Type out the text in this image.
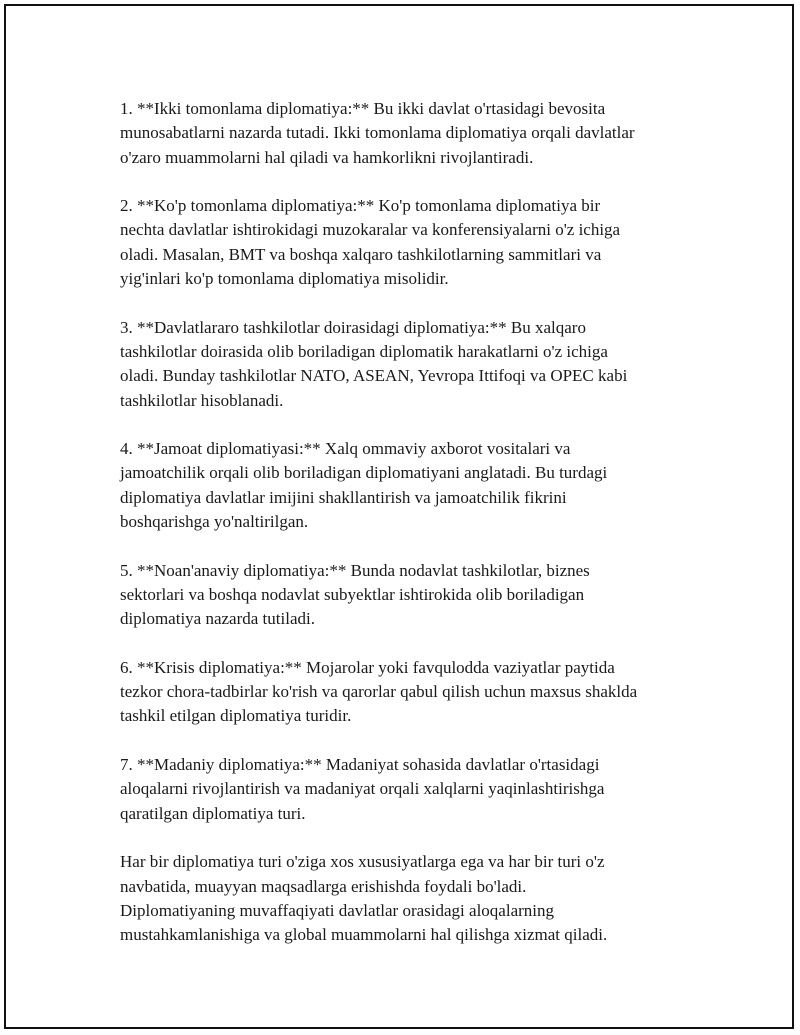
1. **Ikki tomonlama diplomatiya:** Bu ikki davlat o'rtasidagi bevosita
munosabatlarni nazarda tutadi. Ikki tomonlama diplomatiya orqali davlatlar
o'zaro muammolarni hal qiladi va hamkorlikni rivojlantiradi.

2. **Ko'p tomonlama diplomatiya:** Ko'p tomonlama diplomatiya bir
nechta davlatlar ishtirokidagi muzokaralar va konferensiyalarni o'z ichiga
oladi. Masalan, BMT va boshqa xalqaro tashkilotlarning sammitlari va
yig'inlari ko'p tomonlama diplomatiya misolidir.

3. **Davlatlararo tashkilotlar doirasidagi diplomatiya:** Bu xalqaro
tashkilotlar doirasida olib boriladigan diplomatik harakatlarni o'z ichiga
oladi. Bunday tashkilotlar NATO, ASEAN, Yevropa Ittifoqi va OPEC kabi
tashkilotlar hisoblanadi.

4. **Jamoat diplomatiyasi:** Xalq ommaviy axborot vositalari va
jamoatchilik orqali olib boriladigan diplomatiyani anglatadi. Bu turdagi
diplomatiya davlatlar imijini shakllantirish va jamoatchilik fikrini
boshqarishga yo'naltirilgan.

5. **Noan'anaviy diplomatiya:** Bunda nodavlat tashkilotlar, biznes
sektorlari va boshqa nodavlat subyektlar ishtirokida olib boriladigan
diplomatiya nazarda tutiladi.

6. **Krisis diplomatiya:** Mojarolar yoki favqulodda vaziyatlar paytida
tezkor chora-tadbirlar ko'rish va qarorlar qabul qilish uchun maxsus shaklda
tashkil etilgan diplomatiya turidir.

7. **Madaniy diplomatiya:** Madaniyat sohasida davlatlar o'rtasidagi
aloqalarni rivojlantirish va madaniyat orqali xalqlarni yaqinlashtirishga
qaratilgan diplomatiya turi.

Har bir diplomatiya turi o'ziga xos xususiyatlarga ega va har bir turi o'z
navbatida, muayyan maqsadlarga erishishda foydali bo'ladi.
Diplomatiyaning muvaffaqiyati davlatlar orasidagi aloqalarning
mustahkamlanishiga va global muammolarni hal qilishga xizmat qiladi.
